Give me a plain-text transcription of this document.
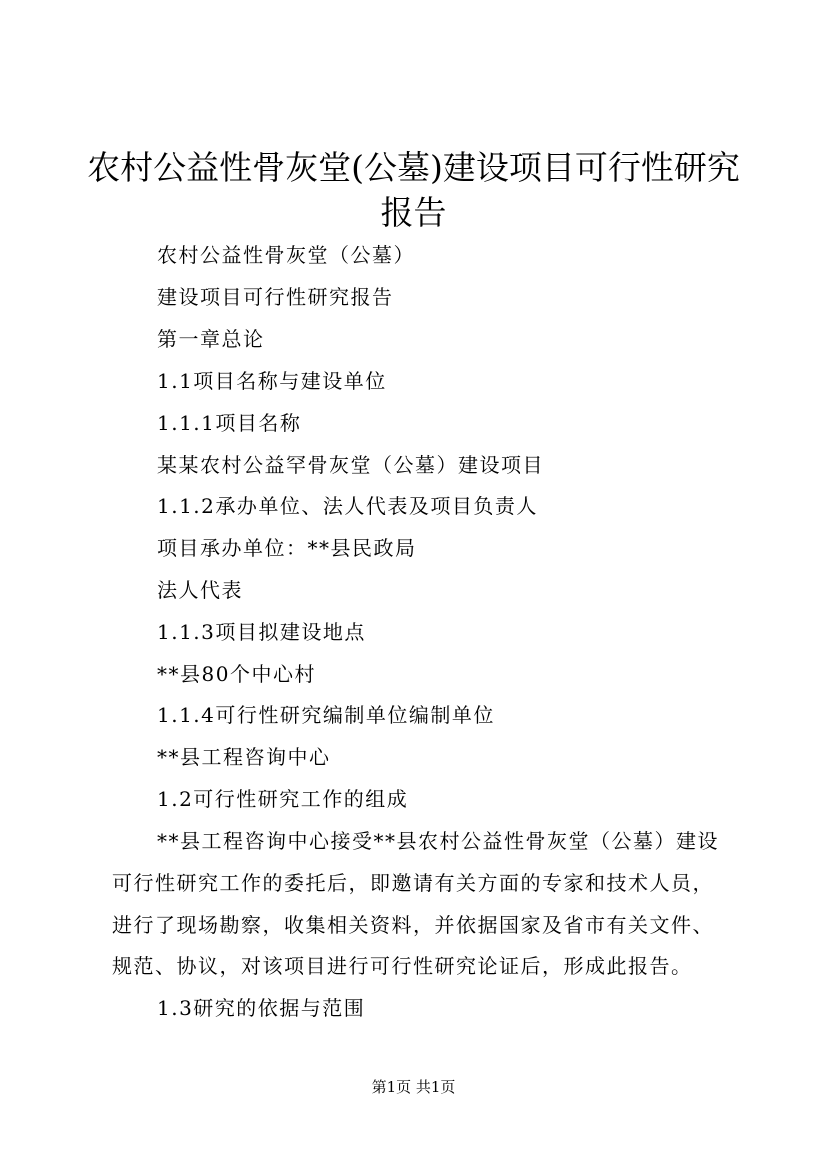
农村公益性骨灰堂(公墓)建设项目可行性研究
报告
农村公益性骨灰堂（公墓）
建设项目可行性研究报告
第一章总论
1.1项目名称与建设单位
1.1.1项目名称
某某农村公益罕骨灰堂（公墓）建设项目
1.1.2承办单位、法人代表及项目负责人
项目承办单位：**县民政局
法人代表
1.1.3项目拟建设地点
**县80个中心村
1.1.4可行性研究编制单位编制单位
**县工程咨询中心
1.2可行性研究工作的组成
**县工程咨询中心接受**县农村公益性骨灰堂（公墓）建设
可行性研究工作的委托后，即邀请有关方面的专家和技术人员，
进行了现场勘察，收集相关资料，并依据国家及省市有关文件、
规范、协议，对该项目进行可行性研究论证后，形成此报告。
1.3研究的依据与范围
第1页 共1页
